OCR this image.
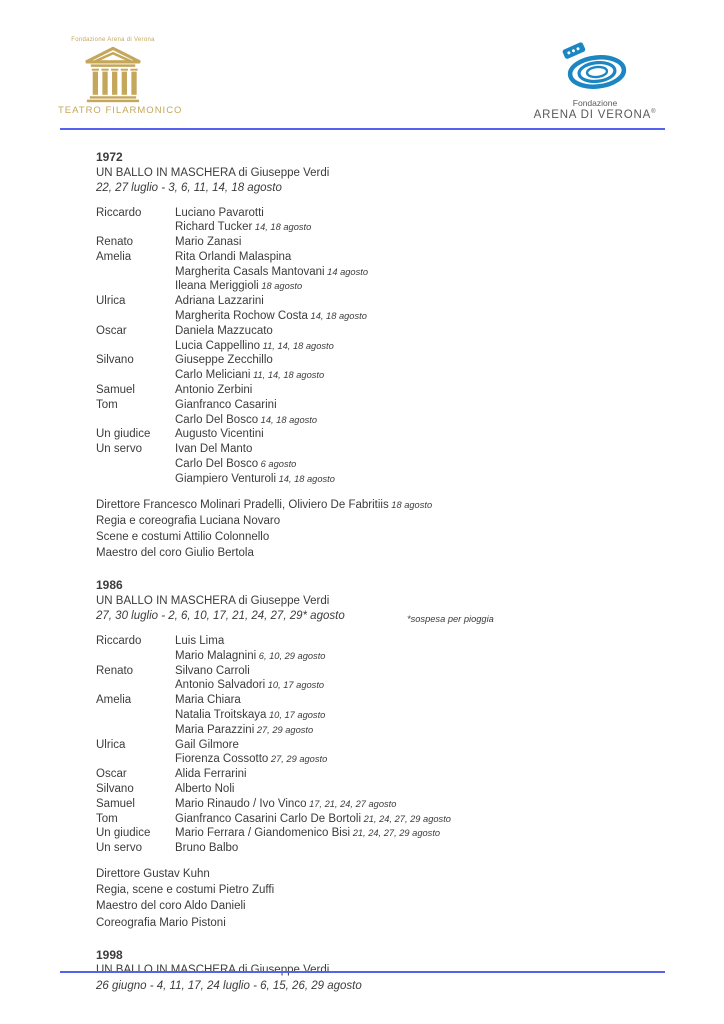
Fondazione Arena di Verona
TEATRO FILARMONICO
Fondazione
ARENA DI VERONA®
1972
UN BALLO IN MASCHERA di Giuseppe Verdi
22, 27 luglio - 3, 6, 11, 14, 18 agosto
Riccardo	Luciano Pavarotti
Richard Tucker 14, 18 agosto
Renato	Mario Zanasi
Amelia	Rita Orlandi Malaspina
Margherita Casals Mantovani 14 agosto
Ileana Meriggioli 18 agosto
Ulrica	Adriana Lazzarini
Margherita Rochow Costa 14, 18 agosto
Oscar	Daniela Mazzucato
Lucia Cappellino 11, 14, 18 agosto
Silvano	Giuseppe Zecchillo
Carlo Meliciani 11, 14, 18 agosto
Samuel	Antonio Zerbini
Tom	Gianfranco Casarini
Carlo Del Bosco 14, 18 agosto
Un giudice	Augusto Vicentini
Un servo	Ivan Del Manto
Carlo Del Bosco 6 agosto
Giampiero Venturoli 14, 18 agosto
Direttore Francesco Molinari Pradelli, Oliviero De Fabritiis 18 agosto
Regia e coreografia Luciana Novaro
Scene e costumi Attilio Colonnello
Maestro del coro Giulio Bertola
1986
UN BALLO IN MASCHERA di Giuseppe Verdi
27, 30 luglio - 2, 6, 10, 17, 21, 24, 27, 29* agosto	*sospesa per pioggia
Riccardo	Luis Lima
Mario Malagnini 6, 10, 29 agosto
Renato	Silvano Carroli
Antonio Salvadori 10, 17 agosto
Amelia	Maria Chiara
Natalia Troitskaya 10, 17 agosto
Maria Parazzini 27, 29 agosto
Ulrica	Gail Gilmore
Fiorenza Cossotto 27, 29 agosto
Oscar	Alida Ferrarini
Silvano	Alberto Noli
Samuel	Mario Rinaudo / Ivo Vinco 17, 21, 24, 27 agosto
Tom	Gianfranco Casarini Carlo De Bortoli 21, 24, 27, 29 agosto
Un giudice	Mario Ferrara / Giandomenico Bisi 21, 24, 27, 29 agosto
Un servo	Bruno Balbo
Direttore Gustav Kuhn
Regia, scene e costumi Pietro Zuffi
Maestro del coro Aldo Danieli
Coreografia Mario Pistoni
1998
26 giugno - 4, 11, 17, 24 luglio - 6, 15, 26, 29 agosto
